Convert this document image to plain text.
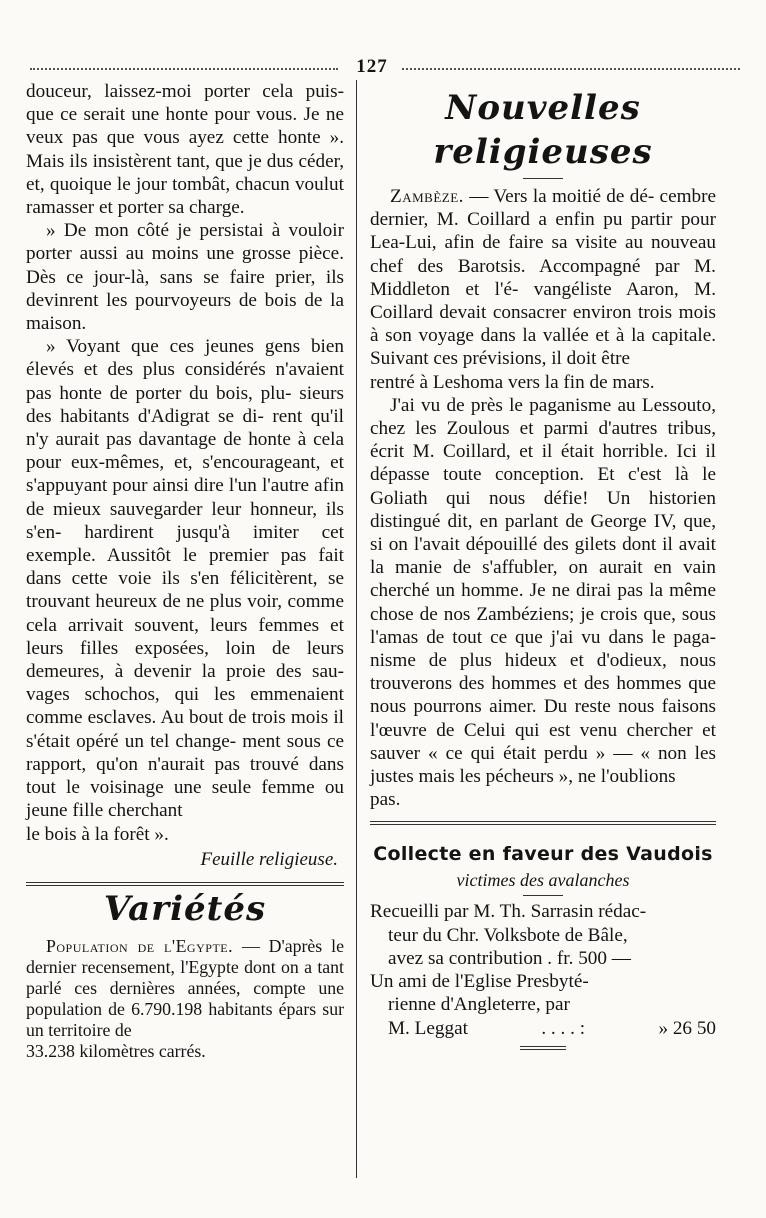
127

douceur, laissez-moi porter cela puis- que ce serait une honte pour vous. Je ne veux pas que vous ayez cette honte ». Mais ils insistèrent tant, que je dus céder, et, quoique le jour tombât, chacun voulut ramasser et porter sa charge.

» De mon côté je persistai à vouloir porter aussi au moins une grosse pièce. Dès ce jour-là, sans se faire prier, ils devinrent les pourvoyeurs de bois de la maison.

» Voyant que ces jeunes gens bien élevés et des plus considérés n'avaient pas honte de porter du bois, plu- sieurs des habitants d'Adigrat se di- rent qu'il n'y aurait pas davantage de honte à cela pour eux-mêmes, et, s'encourageant, et s'appuyant pour ainsi dire l'un l'autre afin de mieux sauvegarder leur honneur, ils s'en- hardirent jusqu'à imiter cet exemple. Aussitôt le premier pas fait dans cette voie ils s'en félicitèrent, se trouvant heureux de ne plus voir, comme cela arrivait souvent, leurs femmes et leurs filles exposées, loin de leurs demeures, à devenir la proie des sau- vages schochos, qui les emmenaient comme esclaves. Au bout de trois mois il s'était opéré un tel change- ment sous ce rapport, qu'on n'aurait pas trouvé dans tout le voisinage une seule femme ou jeune fille cherchant

le bois à la forêt ».
Feuille religieuse.
Variétés

Population de l'Egypte. — D'après le dernier recensement, l'Egypte dont on a tant parlé ces dernières années, compte une population de 6.790.198 habitants épars sur un territoire de

33.238 kilomètres carrés.
Nouvelles religieuses

Zambèze. — Vers la moitié de dé- cembre dernier, M. Coillard a enfin pu partir pour Lea-Lui, afin de faire sa visite au nouveau chef des Barotsis. Accompagné par M. Middleton et l'é- vangéliste Aaron, M. Coillard devait consacrer environ trois mois à son voyage dans la vallée et à la capitale. Suivant ces prévisions, il doit être

rentré à Leshoma vers la fin de mars.

J'ai vu de près le paganisme au Lessouto, chez les Zoulous et parmi d'autres tribus, écrit M. Coillard, et il était horrible. Ici il dépasse toute conception. Et c'est là le Goliath qui nous défie! Un historien distingué dit, en parlant de George IV, que, si on l'avait dépouillé des gilets dont il avait la manie de s'affubler, on aurait en vain cherché un homme. Je ne dirai pas la même chose de nos Zambéziens; je crois que, sous l'amas de tout ce que j'ai vu dans le paga- nisme de plus hideux et d'odieux, nous trouverons des hommes et des hommes que nous pourrons aimer. Du reste nous faisons l'œuvre de Celui qui est venu chercher et sauver « ce qui était perdu » — « non les justes mais les pécheurs », ne l'oublions

pas.
Collecte en faveur des Vaudois
victimes des avalanches
Recueilli par M. Th. Sarrasin rédac-
teur du Chr. Volksbote de Bâle,
avez sa contribution . fr. 500 —
Un ami de l'Eglise Presbyté-
rienne d'Angleterre, par
M. Leggat	. . . . :	» 26 50
